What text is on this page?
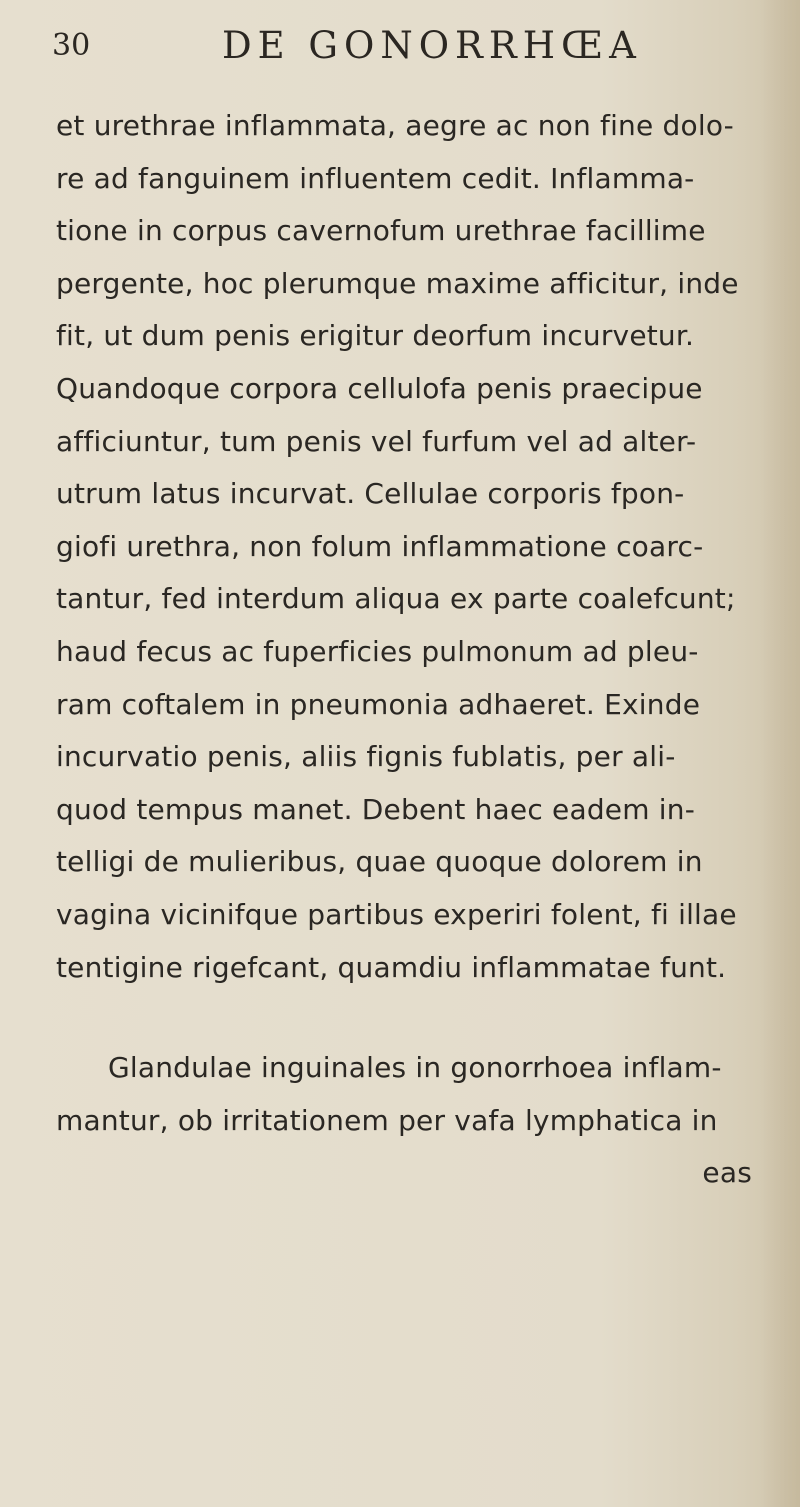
30	DE GONORRHŒA
et urethrae inflammata, aegre ac non fine dolo-
re ad fanguinem influentem cedit. Inflamma-
tione in corpus cavernofum urethrae facillime
pergente, hoc plerumque maxime afficitur, inde
fit, ut dum penis erigitur deorfum incurvetur.
Quandoque corpora cellulofa penis praecipue
afficiuntur, tum penis vel furfum vel ad alter-
utrum latus incurvat. Cellulae corporis fpon-
giofi urethra, non folum inflammatione coarc-
tantur, fed interdum aliqua ex parte coalefcunt;
haud fecus ac fuperficies pulmonum ad pleu-
ram coftalem in pneumonia adhaeret. Exinde
incurvatio penis, aliis fignis fublatis, per ali-
quod tempus manet. Debent haec eadem in-
telligi de mulieribus, quae quoque dolorem in
vagina vicinifque partibus experiri folent, fi illae
tentigine rigefcant, quamdiu inflammatae funt.
Glandulae inguinales in gonorrhoea inflam-
mantur, ob irritationem per vafa lymphatica in
eas
